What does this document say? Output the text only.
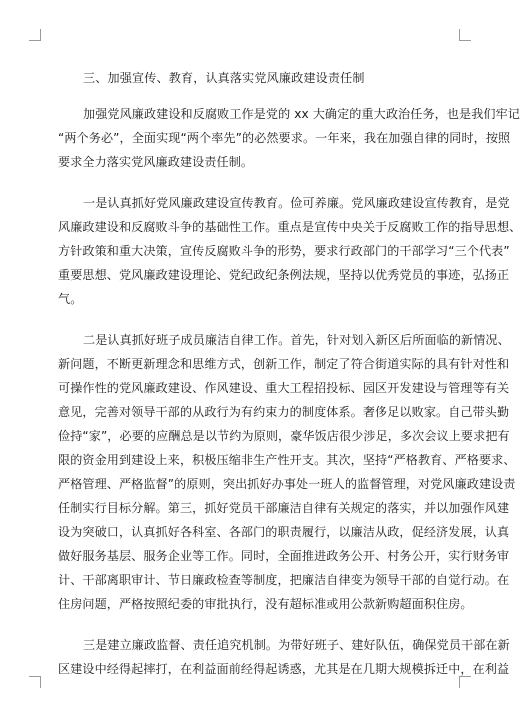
三、加强宣传、教育，认真落实党风廉政建设责任制
加强党风廉政建设和反腐败工作是党的 xx 大确定的重大政治任务，也是我们牢记
“两个务必”，全面实现“两个率先”的必然要求。一年来，我在加强自律的同时，按照
要求全力落实党风廉政建设责任制。
一是认真抓好党风廉政建设宣传教育。俭可养廉。党风廉政建设宣传教育，是党
风廉政建设和反腐败斗争的基础性工作。重点是宣传中央关于反腐败工作的指导思想、
方针政策和重大决策，宣传反腐败斗争的形势，要求行政部门的干部学习“三个代表”
重要思想、党风廉政建设理论、党纪政纪条例法规，坚持以优秀党员的事迹，弘扬正
气。
二是认真抓好班子成员廉洁自律工作。首先，针对划入新区后所面临的新情况、
新问题，不断更新理念和思维方式，创新工作，制定了符合街道实际的具有针对性和
可操作性的党风廉政建设、作风建设、重大工程招投标、园区开发建设与管理等有关
意见，完善对领导干部的从政行为有约束力的制度体系。奢侈足以败家。自己带头勤
俭持“家”，必要的应酬总是以节约为原则，豪华饭店很少涉足，多次会议上要求把有
限的资金用到建设上来，积极压缩非生产性开支。其次，坚持“严格教育、严格要求、
严格管理、严格监督”的原则，突出抓好办事处一班人的监督管理，对党风廉政建设责
任制实行目标分解。第三，抓好党员干部廉洁自律有关规定的落实，并以加强作风建
设为突破口，认真抓好各科室、各部门的职责履行，以廉洁从政，促经济发展，认真
做好服务基层、服务企业等工作。同时，全面推进政务公开、村务公开，实行财务审
计、干部离职审计、节日廉政检查等制度，把廉洁自律变为领导干部的自觉行动。在
住房问题，严格按照纪委的审批执行，没有超标准或用公款新购超面积住房。
三是建立廉政监督、责任追究机制。为带好班子、建好队伍，确保党员干部在新
区建设中经得起摔打，在利益面前经得起诱惑，尤其是在几期大规模拆迁中，在利益
